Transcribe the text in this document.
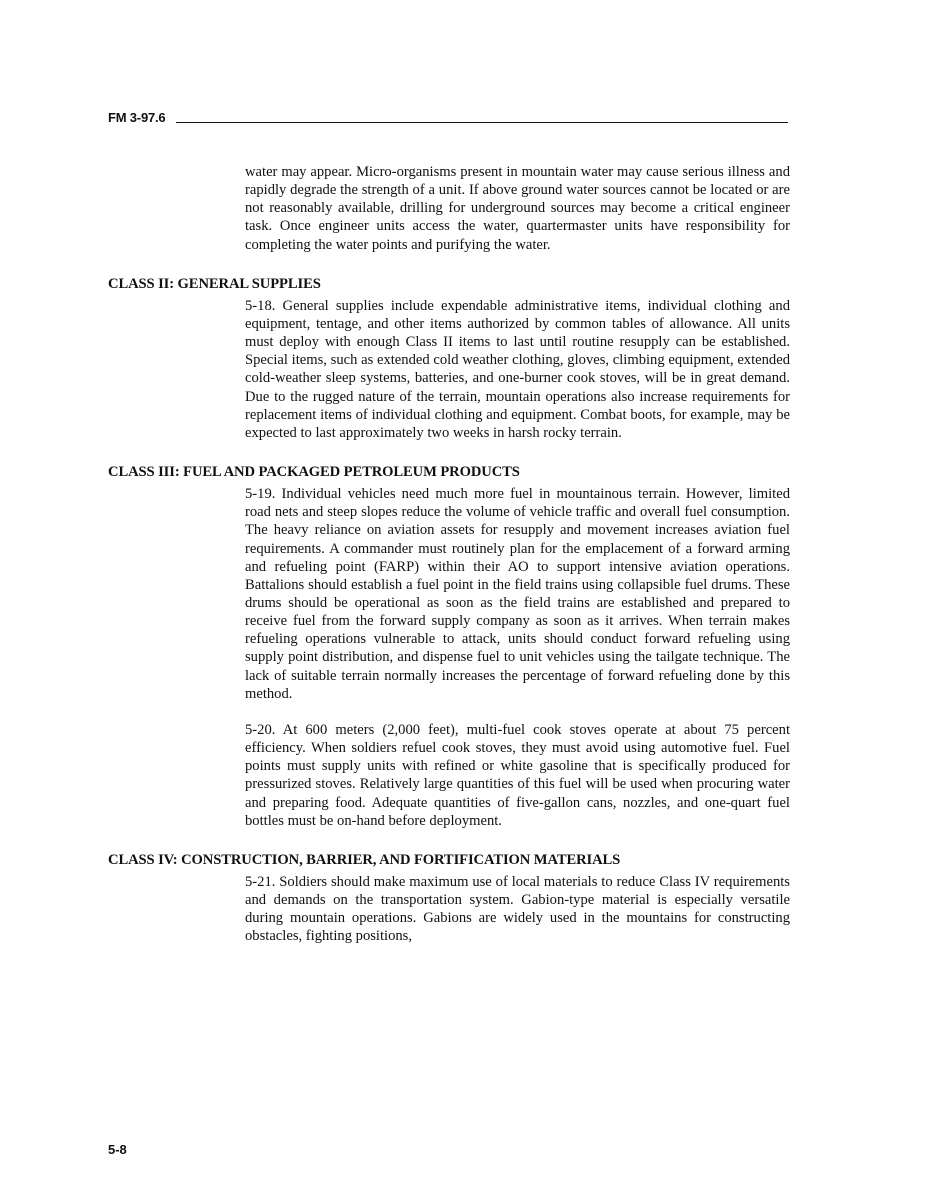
FM 3-97.6

water may appear. Micro-organisms present in mountain water may cause serious illness and rapidly degrade the strength of a unit. If above ground water sources cannot be located or are not reasonably available, drilling for underground sources may become a critical engineer task. Once engineer units access the water, quartermaster units have responsibility for completing the water points and purifying the water.

CLASS II: GENERAL SUPPLIES

5-18. General supplies include expendable administrative items, individual clothing and equipment, tentage, and other items authorized by common tables of allowance. All units must deploy with enough Class II items to last until routine resupply can be established. Special items, such as extended cold weather clothing, gloves, climbing equipment, extended cold-weather sleep systems, batteries, and one-burner cook stoves, will be in great demand. Due to the rugged nature of the terrain, mountain operations also increase requirements for replacement items of individual clothing and equipment. Combat boots, for example, may be expected to last approximately two weeks in harsh rocky terrain.

CLASS III: FUEL AND PACKAGED PETROLEUM PRODUCTS

5-19. Individual vehicles need much more fuel in mountainous terrain. However, limited road nets and steep slopes reduce the volume of vehicle traffic and overall fuel consumption. The heavy reliance on aviation assets for resupply and movement increases aviation fuel requirements. A commander must routinely plan for the emplacement of a forward arming and refueling point (FARP) within their AO to support intensive aviation operations. Battalions should establish a fuel point in the field trains using collapsible fuel drums. These drums should be operational as soon as the field trains are established and prepared to receive fuel from the forward supply company as soon as it arrives. When terrain makes refueling operations vulnerable to attack, units should conduct forward refueling using supply point distribution, and dispense fuel to unit vehicles using the tailgate technique. The lack of suitable terrain normally increases the percentage of forward refueling done by this method.

5-20. At 600 meters (2,000 feet), multi-fuel cook stoves operate at about 75 percent efficiency. When soldiers refuel cook stoves, they must avoid using automotive fuel. Fuel points must supply units with refined or white gasoline that is specifically produced for pressurized stoves. Relatively large quantities of this fuel will be used when procuring water and preparing food. Adequate quantities of five-gallon cans, nozzles, and one-quart fuel bottles must be on-hand before deployment.

CLASS IV: CONSTRUCTION, BARRIER, AND FORTIFICATION MATERIALS

5-21. Soldiers should make maximum use of local materials to reduce Class IV requirements and demands on the transportation system. Gabion-type material is especially versatile during mountain operations. Gabions are widely used in the mountains for constructing obstacles, fighting positions,

5-8
